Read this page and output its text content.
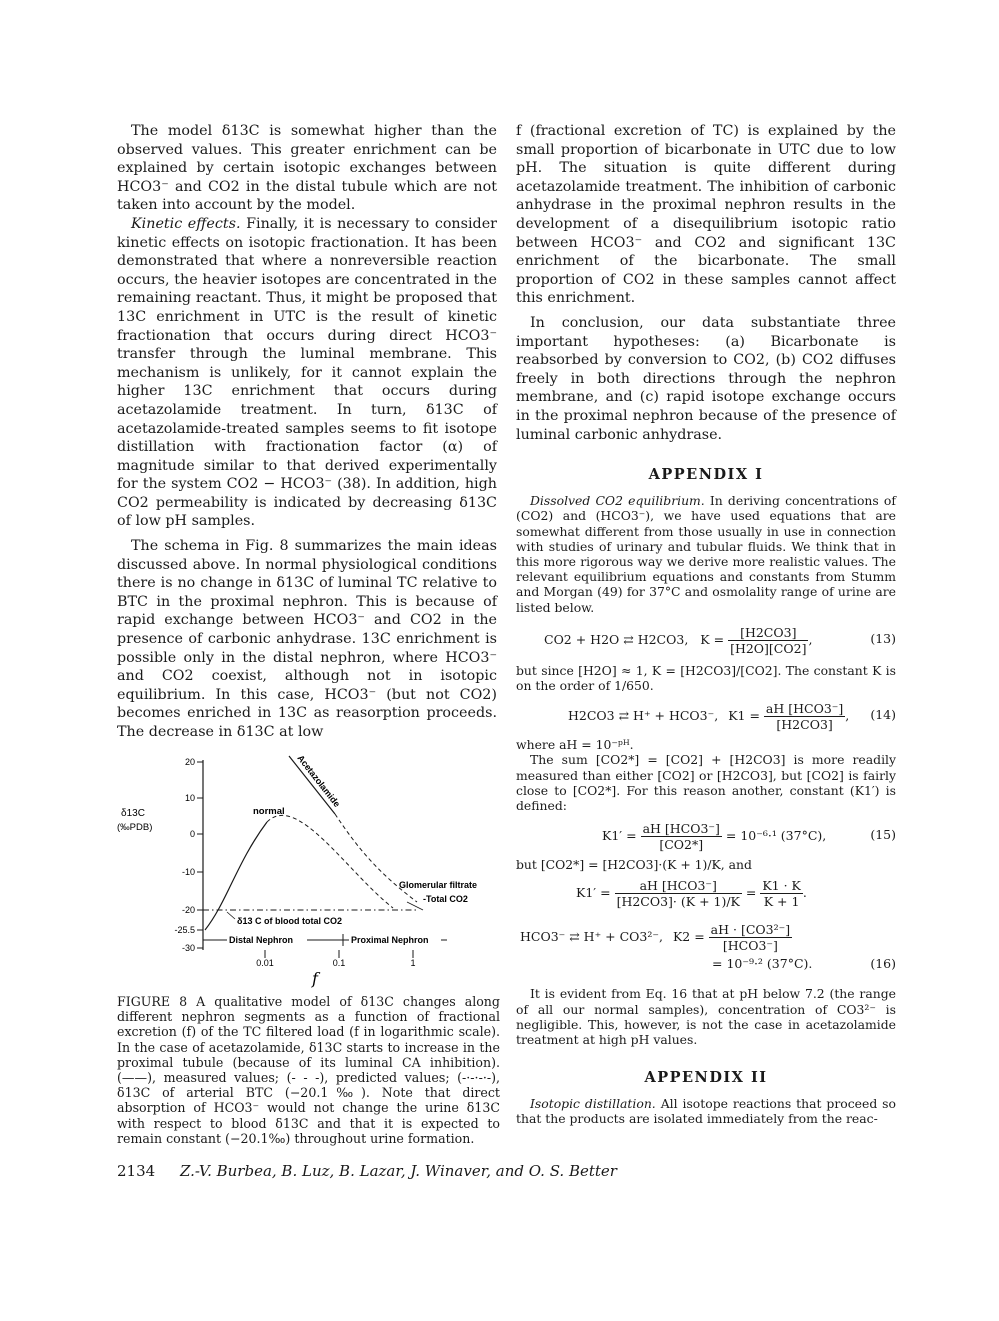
The model δ13C is somewhat higher than the observed values. This greater enrichment can be explained by certain isotopic exchanges between HCO3⁻ and CO2 in the distal tubule which are not taken into account by the model.

Kinetic effects. Finally, it is necessary to consider kinetic effects on isotopic fractionation. It has been demonstrated that where a nonreversible reaction occurs, the heavier isotopes are concentrated in the remaining reactant. Thus, it might be proposed that 13C enrichment in UTC is the result of kinetic fractionation that occurs during direct HCO3⁻ transfer through the luminal membrane. This mechanism is unlikely, for it cannot explain the higher 13C enrichment that occurs during acetazolamide treatment. In turn, δ13C of acetazolamide-treated samples seems to fit isotope distillation with fractionation factor (α) of magnitude similar to that derived experimentally for the system CO2 − HCO3⁻ (38). In addition, high CO2 permeability is indicated by decreasing δ13C of low pH samples.

The schema in Fig. 8 summarizes the main ideas discussed above. In normal physiological conditions there is no change in δ13C of luminal TC relative to BTC in the proximal nephron. This is because of rapid exchange between HCO3⁻ and CO2 in the presence of carbonic anhydrase. 13C enrichment is possible only in the distal nephron, where HCO3⁻ and CO2 coexist, although not in isotopic equilibrium. In this case, HCO3⁻ (but not CO2) becomes enriched in 13C as reasorption proceeds. The decrease in δ13C at low

f (fractional excretion of TC) is explained by the small proportion of bicarbonate in UTC due to low pH. The situation is quite different during acetazolamide treatment. The inhibition of carbonic anhydrase in the proximal nephron results in the development of a disequilibrium isotopic ratio between HCO3⁻ and CO2 and significant 13C enrichment of the bicarbonate. The small proportion of CO2 in these samples cannot affect this enrichment.

In conclusion, our data substantiate three important hypotheses: (a) Bicarbonate is reabsorbed by conversion to CO2, (b) CO2 diffuses freely in both directions through the nephron membrane, and (c) rapid isotope exchange occurs in the proximal nephron because of the presence of luminal carbonic anhydrase.

APPENDIX I

Dissolved CO2 equilibrium. In deriving concentrations of (CO2) and (HCO3⁻), we have used equations that are somewhat different from those usually in use in connection with studies of urinary and tubular fluids. We think that in this more rigorous way we derive more realistic values. The relevant equilibrium equations and constants from Stumm and Morgan (49) for 37°C and osmolality range of urine are listed below.

CO2 + H2O ⇄ H2CO3, $K = \frac{[H2CO3]}{[H2O][CO2]}$ ,	(13)

but since [H2O] ≈ 1, K = [H2CO3]/[CO2]. The constant K is on the order of 1/650.

H2CO3 ⇄ H⁺ + HCO3⁻, $K1 = \frac{\text{aH [HCO3⁻]}}{[H2CO3]}$ , (14)

where aH = 10⁻ᵖᴴ.

The sum [CO2*] = [CO2] + [H2CO3] is more readily measured than either [CO2] or [H2CO3], but [CO2] is fairly close to [CO2*]. For this reason another, constant (K1′) is defined:

$K1' = \frac{\text{aH [HCO3⁻]}}{[CO2*]} = 10^{-6}\cdot^1$ (37°C),	(15)

but [CO2*] = [H2CO3]·(K + 1)/K, and

$K1' = \frac{\text{aH [HCO3⁻]}}{[H2CO3]\cdot (K + 1)/K} = \frac{K1 \cdot K}{K + 1}$ .
HCO3⁻ ⇄ H⁺ + CO3²⁻, $K2 = \frac{\text{aH · [CO3²⁻]}}{\text{[HCO3⁻]}}$
= 10⁻⁹·² (37°C).	(16)

It is evident from Eq. 16 that at pH below 7.2 (the range of all our normal samples), concentration of CO3²⁻ is negligible. This, however, is not the case in acetazolamide treatment at high pH values.

APPENDIX II

Isotopic distillation. All isotope reactions that proceed so that the products are isolated immediately from the reac-

δ13C
(‰PDB)
20
10
0
-10
-20
-25.5
-30
normal
Acetazolamide
Glomerular filtrate
-Total CO2
δ13 C of blood total CO2
Distal Nephron	Proximal Nephron
0.01	0.1	1
f

FIGURE 8 A qualitative model of δ13C changes along different nephron segments as a function of fractional excretion (f) of the TC filtered load (f in logarithmic scale). In the case of acetazolamide, δ13C starts to increase in the proximal tubule (because of its luminal CA inhibition). (——), measured values; (- - -), predicted values; (-·-·-·-), δ13C of arterial BTC (−20.1‰). Note that direct absorption of HCO3⁻ would not change the urine δ13C with respect to blood δ13C and that it is expected to remain constant (−20.1‰) throughout urine formation.

2134 Z.-V. Burbea, B. Luz, B. Lazar, J. Winaver, and O. S. Better
